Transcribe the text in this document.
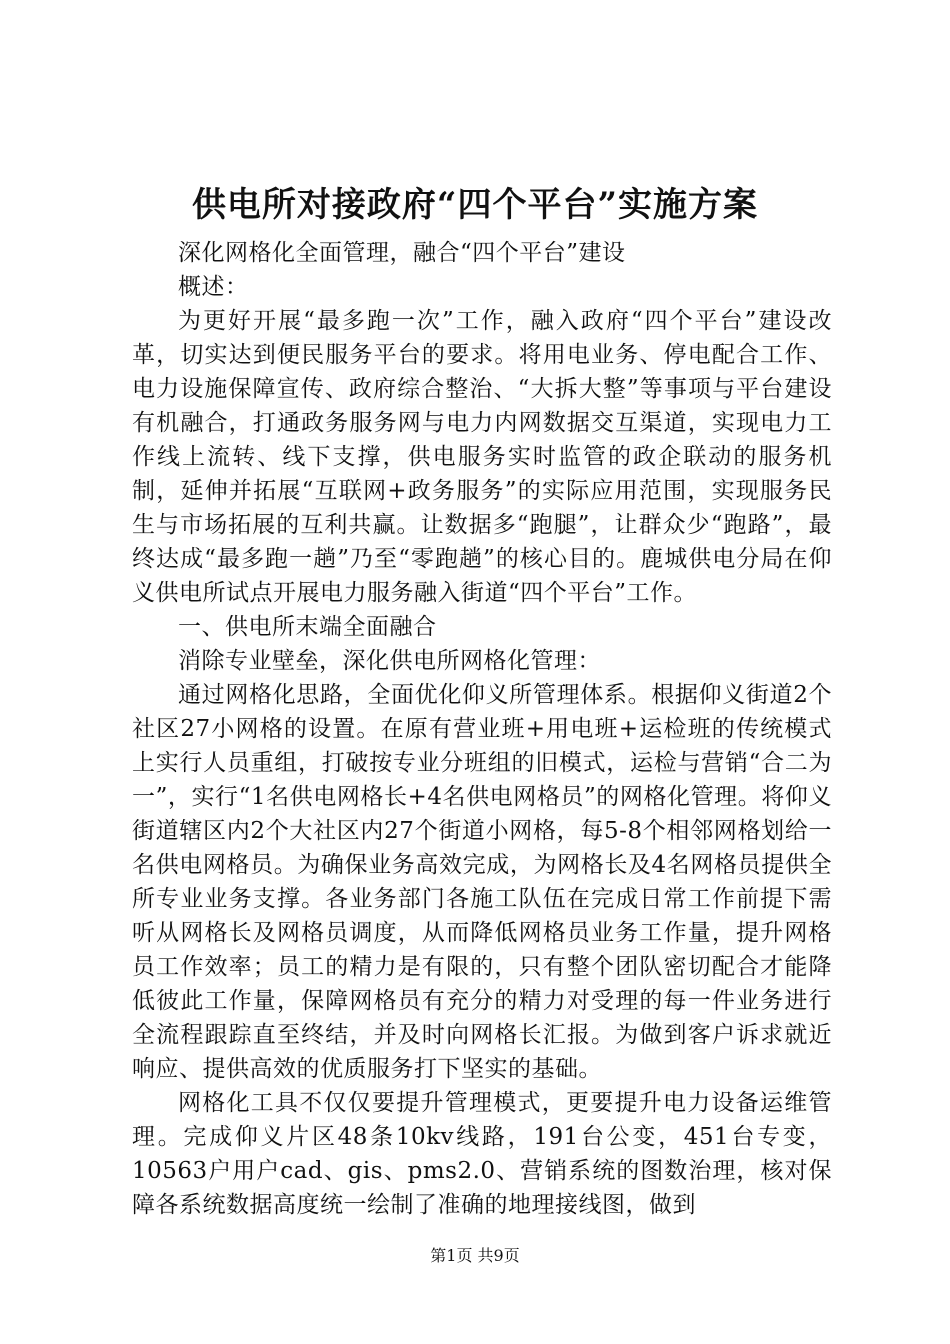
供电所对接政府“四个平台”实施方案

深化网格化全面管理，融合“四个平台”建设

概述：

为更好开展“最多跑一次”工作，融入政府“四个平台”建设改革，切实达到便民服务平台的要求。将用电业务、停电配合工作、电力设施保障宣传、政府综合整治、“大拆大整”等事项与平台建设有机融合，打通政务服务网与电力内网数据交互渠道，实现电力工作线上流转、线下支撑，供电服务实时监管的政企联动的服务机制，延伸并拓展“互联网+政务服务”的实际应用范围，实现服务民生与市场拓展的互利共赢。让数据多“跑腿”，让群众少“跑路”，最终达成“最多跑一趟”乃至“零跑趟”的核心目的。鹿城供电分局在仰义供电所试点开展电力服务融入街道“四个平台”工作。

一、供电所末端全面融合

消除专业壁垒，深化供电所网格化管理：

通过网格化思路，全面优化仰义所管理体系。根据仰义街道2个社区27小网格的设置。在原有营业班+用电班+运检班的传统模式上实行人员重组，打破按专业分班组的旧模式，运检与营销“合二为一”，实行“1名供电网格长+4名供电网格员”的网格化管理。将仰义街道辖区内2个大社区内27个街道小网格，每5-8个相邻网格划给一名供电网格员。为确保业务高效完成，为网格长及4名网格员提供全所专业业务支撑。各业务部门各施工队伍在完成日常工作前提下需听从网格长及网格员调度，从而降低网格员业务工作量，提升网格员工作效率；员工的精力是有限的，只有整个团队密切配合才能降低彼此工作量，保障网格员有充分的精力对受理的每一件业务进行全流程跟踪直至终结，并及时向网格长汇报。为做到客户诉求就近响应、提供高效的优质服务打下坚实的基础。

网格化工具不仅仅要提升管理模式，更要提升电力设备运维管理。完成仰义片区48条10kv线路，191台公变，451台专变，10563户用户cad、gis、pms2.0、营销系统的图数治理，核对保障各系统数据高度统一绘制了准确的地理接线图，做到

第1页 共9页
